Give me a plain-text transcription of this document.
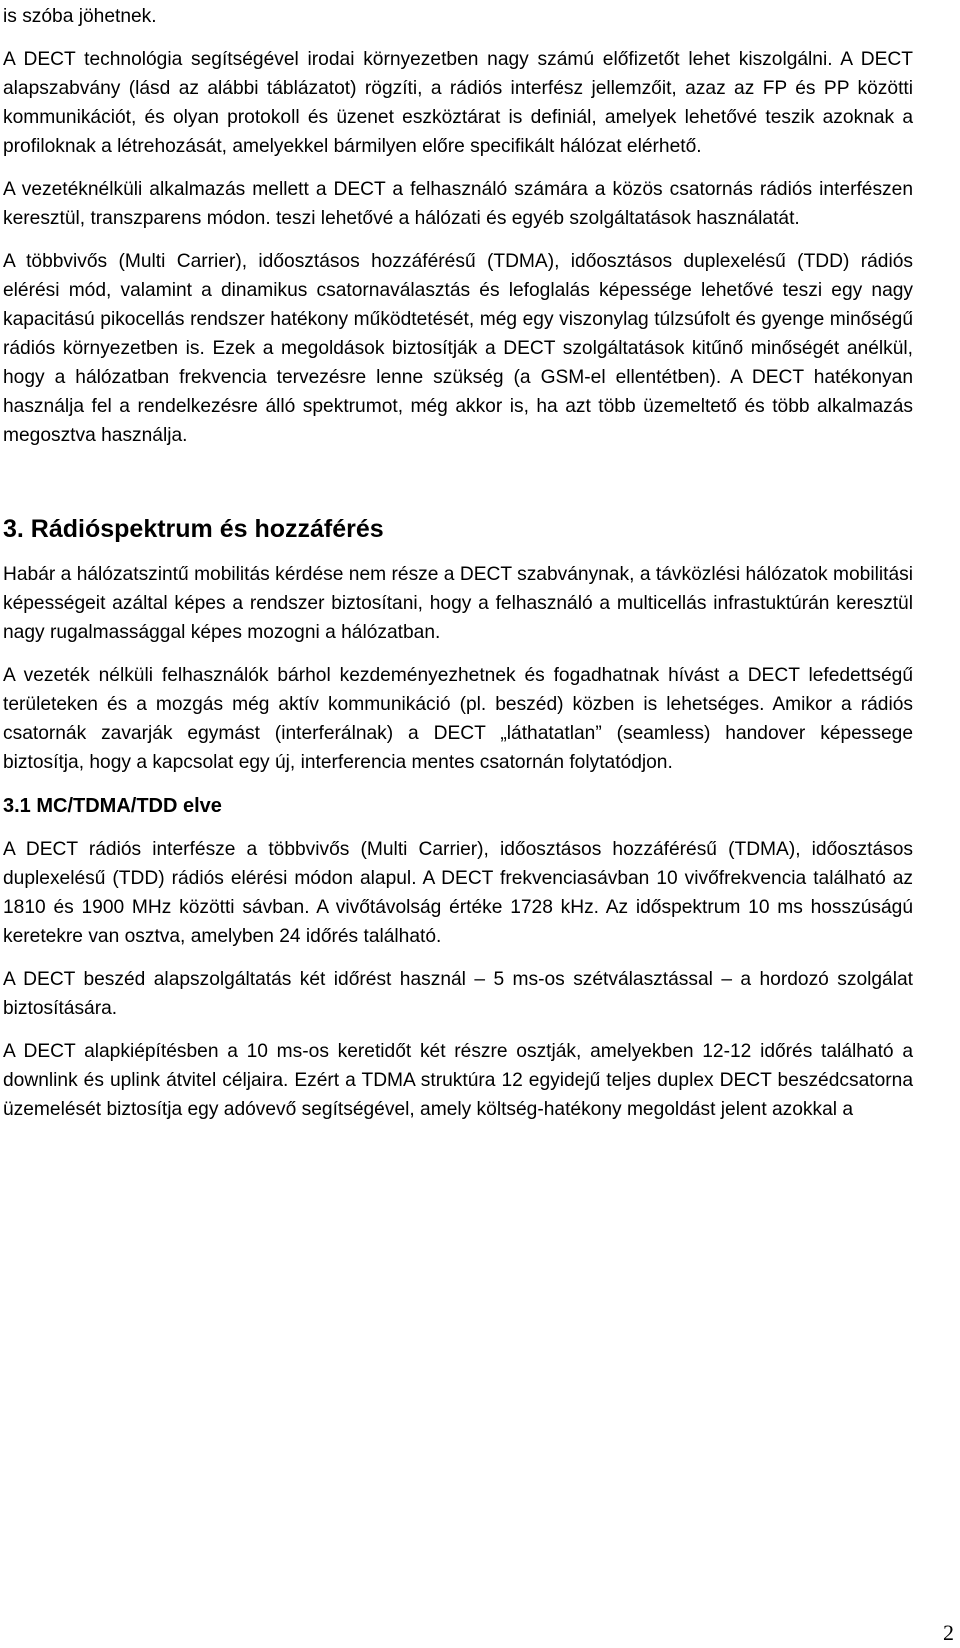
is szóba jöhetnek.

A DECT technológia segítségével irodai környezetben nagy számú előfizetőt lehet kiszolgálni. A DECT alapszabvány (lásd az alábbi táblázatot) rögzíti, a rádiós interfész jellemzőit, azaz az FP és PP közötti kommunikációt, és olyan protokoll és üzenet eszköztárat is definiál, amelyek lehetővé teszik azoknak a profiloknak a létrehozását, amelyekkel bármilyen előre specifikált hálózat elérhető.

A vezetéknélküli alkalmazás mellett a DECT a felhasználó számára a közös csatornás rádiós interfészen keresztül, transzparens módon. teszi lehetővé a hálózati és egyéb szolgáltatások használatát.

A többvivős (Multi Carrier), időosztásos hozzáférésű (TDMA), időosztásos duplexelésű (TDD) rádiós elérési mód, valamint a dinamikus csatornaválasztás és lefoglalás képessége lehetővé teszi egy nagy kapacitású pikocellás rendszer hatékony működtetését, még egy viszonylag túlzsúfolt és gyenge minőségű rádiós környezetben is. Ezek a megoldások biztosítják a DECT szolgáltatások kitűnő minőségét anélkül, hogy a hálózatban frekvencia tervezésre lenne szükség (a GSM-el ellentétben). A DECT hatékonyan használja fel a rendelkezésre álló spektrumot, még akkor is, ha azt több üzemeltető és több alkalmazás megosztva használja.

3. Rádióspektrum és hozzáférés

Habár a hálózatszintű mobilitás kérdése nem része a DECT szabványnak, a távközlési hálózatok mobilitási képességeit azáltal képes a rendszer biztosítani, hogy a felhasználó a multicellás infrastuktúrán keresztül nagy rugalmassággal képes mozogni a hálózatban.

A vezeték nélküli felhasználók bárhol kezdeményezhetnek és fogadhatnak hívást a DECT lefedettségű területeken és a mozgás még aktív kommunikáció (pl. beszéd) közben is lehetséges. Amikor a rádiós csatornák zavarják egymást (interferálnak) a DECT „láthatatlan” (seamless) handover képessege biztosítja, hogy a kapcsolat egy új, interferencia mentes csatornán folytatódjon.

3.1 MC/TDMA/TDD elve

A DECT rádiós interfésze a többvivős (Multi Carrier), időosztásos hozzáférésű (TDMA), időosztásos duplexelésű (TDD) rádiós elérési módon alapul. A DECT frekvenciasávban 10 vivőfrekvencia található az 1810 és 1900 MHz közötti sávban. A vivőtávolság értéke 1728 kHz. Az időspektrum 10 ms hosszúságú keretekre van osztva, amelyben 24 időrés található.

A DECT beszéd alapszolgáltatás két időrést használ – 5 ms-os szétválasztással – a hordozó szolgálat biztosítására.

A DECT alapkiépítésben a 10 ms-os keretidőt két részre osztják, amelyekben 12-12 időrés található a downlink és uplink átvitel céljaira. Ezért a TDMA struktúra 12 egyidejű teljes duplex DECT beszédcsatorna üzemelését biztosítja egy adóvevő segítségével, amely költség-hatékony megoldást jelent azokkal a

2
